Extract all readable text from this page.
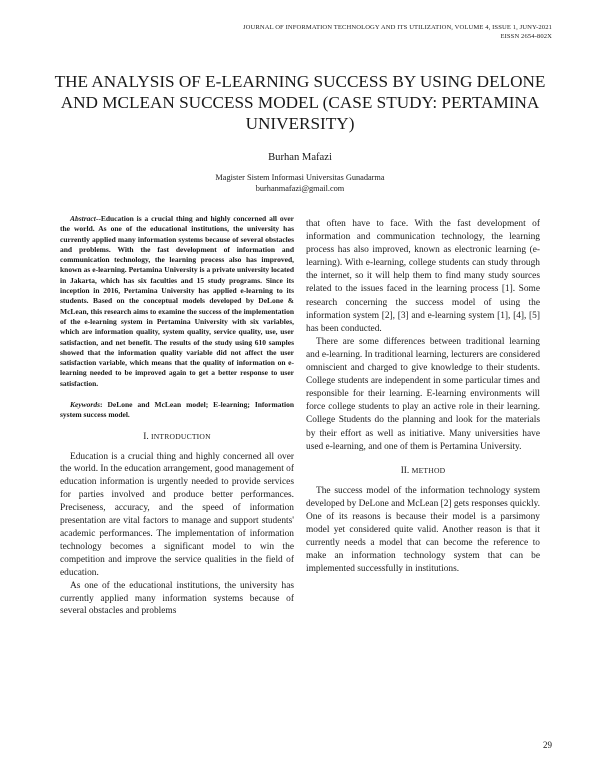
JOURNAL OF INFORMATION TECHNOLOGY AND ITS UTILIZATION, VOLUME 4, ISSUE 1, JUNY-2021
EISSN 2654-802X
THE ANALYSIS OF E-LEARNING SUCCESS BY USING DELONE AND MCLEAN SUCCESS MODEL (CASE STUDY: PERTAMINA UNIVERSITY)
Burhan Mafazi
Magister Sistem Informasi Universitas Gunadarma
burhanmafazi@gmail.com

Abstract--Education is a crucial thing and highly concerned all over the world. As one of the educational institutions, the university has currently applied many information systems because of several obstacles and problems. With the fast development of information and communication technology, the learning process also has improved, known as e-learning. Pertamina University is a private university located in Jakarta, which has six faculties and 15 study programs. Since its inception in 2016, Pertamina University has applied e-learning to its students. Based on the conceptual models developed by DeLone & McLean, this research aims to examine the success of the implementation of the e-learning system in Pertamina University with six variables, which are information quality, system quality, service quality, use, user satisfaction, and net benefit. The results of the study using 610 samples showed that the information quality variable did not affect the user satisfaction variable, which means that the quality of information on e-learning needed to be improved again to get a better response to user satisfaction.

Keywords: DeLone and McLean model; E-learning; Information system success model.

I. INTRODUCTION

Education is a crucial thing and highly concerned all over the world. In the education arrangement, good management of education information is urgently needed to provide services for parties involved and produce better performances. Preciseness, accuracy, and the speed of information presentation are vital factors to manage and support students' academic performances. The implementation of information technology becomes a significant model to win the competition and improve the service qualities in the field of education.

As one of the educational institutions, the university has currently applied many information systems because of several obstacles and problems

that often have to face. With the fast development of information and communication technology, the learning process has also improved, known as electronic learning (e-learning). With e-learning, college students can study through the internet, so it will help them to find many study sources related to the issues faced in the learning process [1]. Some research concerning the success model of using the information system [2], [3] and e-learning system [1], [4], [5] has been conducted.

There are some differences between traditional learning and e-learning. In traditional learning, lecturers are considered omniscient and charged to give knowledge to their students. College students are independent in some particular times and responsible for their learning. E-learning environments will force college students to play an active role in their learning. College Students do the planning and look for the materials by their effort as well as initiative. Many universities have used e-learning, and one of them is Pertamina University.

II. METHOD

The success model of the information technology system developed by DeLone and McLean [2] gets responses quickly. One of its reasons is because their model is a parsimony model yet considered quite valid. Another reason is that it currently needs a model that can become the reference to make an information technology system that can be implemented successfully in institutions.

29
